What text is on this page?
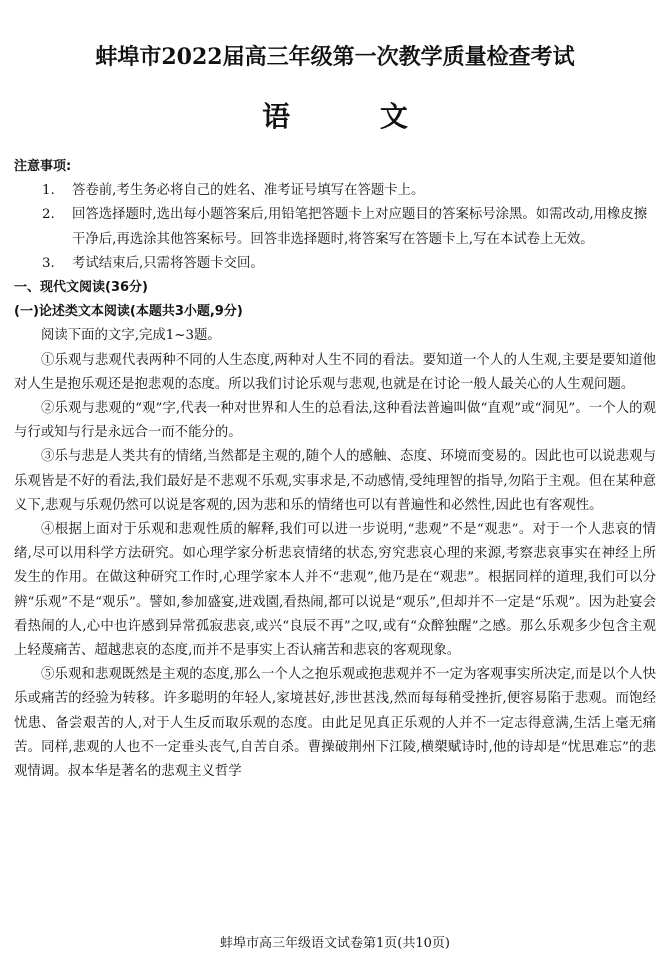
蚌埠市2022届高三年级第一次教学质量检查考试
语 文
注意事项:
1. 答卷前,考生务必将自己的姓名、准考证号填写在答题卡上。
2. 回答选择题时,选出每小题答案后,用铅笔把答题卡上对应题目的答案标号涂黑。如需改动,用橡皮擦干净后,再选涂其他答案标号。回答非选择题时,将答案写在答题卡上,写在本试卷上无效。
3. 考试结束后,只需将答题卡交回。
一、现代文阅读(36分)
(一)论述类文本阅读(本题共3小题,9分)
阅读下面的文字,完成1~3题。
①乐观与悲观代表两种不同的人生态度,两种对人生不同的看法。要知道一个人的人生观,主要是要知道他对人生是抱乐观还是抱悲观的态度。所以我们讨论乐观与悲观,也就是在讨论一般人最关心的人生观问题。
②乐观与悲观的“观”字,代表一种对世界和人生的总看法,这种看法普遍叫做“直观”或“洞见”。一个人的观与行或知与行是永远合一而不能分的。
③乐与悲是人类共有的情绪,当然都是主观的,随个人的感触、态度、环境而变易的。因此也可以说悲观与乐观皆是不好的看法,我们最好是不悲观不乐观,实事求是,不动感情,受纯理智的指导,勿陷于主观。但在某种意义下,悲观与乐观仍然可以说是客观的,因为悲和乐的情绪也可以有普遍性和必然性,因此也有客观性。
④根据上面对于乐观和悲观性质的解释,我们可以进一步说明,“悲观”不是“观悲”。对于一个人悲哀的情绪,尽可以用科学方法研究。如心理学家分析悲哀情绪的状态,穷究悲哀心理的来源,考察悲哀事实在神经上所发生的作用。在做这种研究工作时,心理学家本人并不“悲观”,他乃是在“观悲”。根据同样的道理,我们可以分辨“乐观”不是“观乐”。譬如,参加盛宴,进戏園,看热闹,都可以说是“观乐”,但却并不一定是“乐观”。因为赴宴会看热闹的人,心中也许感到异常孤寂悲哀,或兴“良辰不再”之叹,或有“众醉独醒”之感。那么乐观多少包含主观上轻蔑痛苦、超越悲哀的态度,而并不是事实上否认痛苦和悲哀的客观现象。
⑤乐观和悲观既然是主观的态度,那么一个人之抱乐观或抱悲观并不一定为客观事实所决定,而是以个人快乐或痛苦的经验为转移。许多聪明的年轻人,家境甚好,涉世甚浅,然而每每稍受挫折,便容易陷于悲观。而饱经忧患、备尝艰苦的人,对于人生反而取乐观的态度。由此足见真正乐观的人并不一定志得意满,生活上毫无痛苦。同样,悲观的人也不一定垂头丧气,自苦自杀。曹操破荆州下江陵,横槊赋诗时,他的诗却是“忧思难忘”的悲观情调。叔本华是著名的悲观主义哲学
蚌埠市高三年级语文试卷第1页(共10页)
